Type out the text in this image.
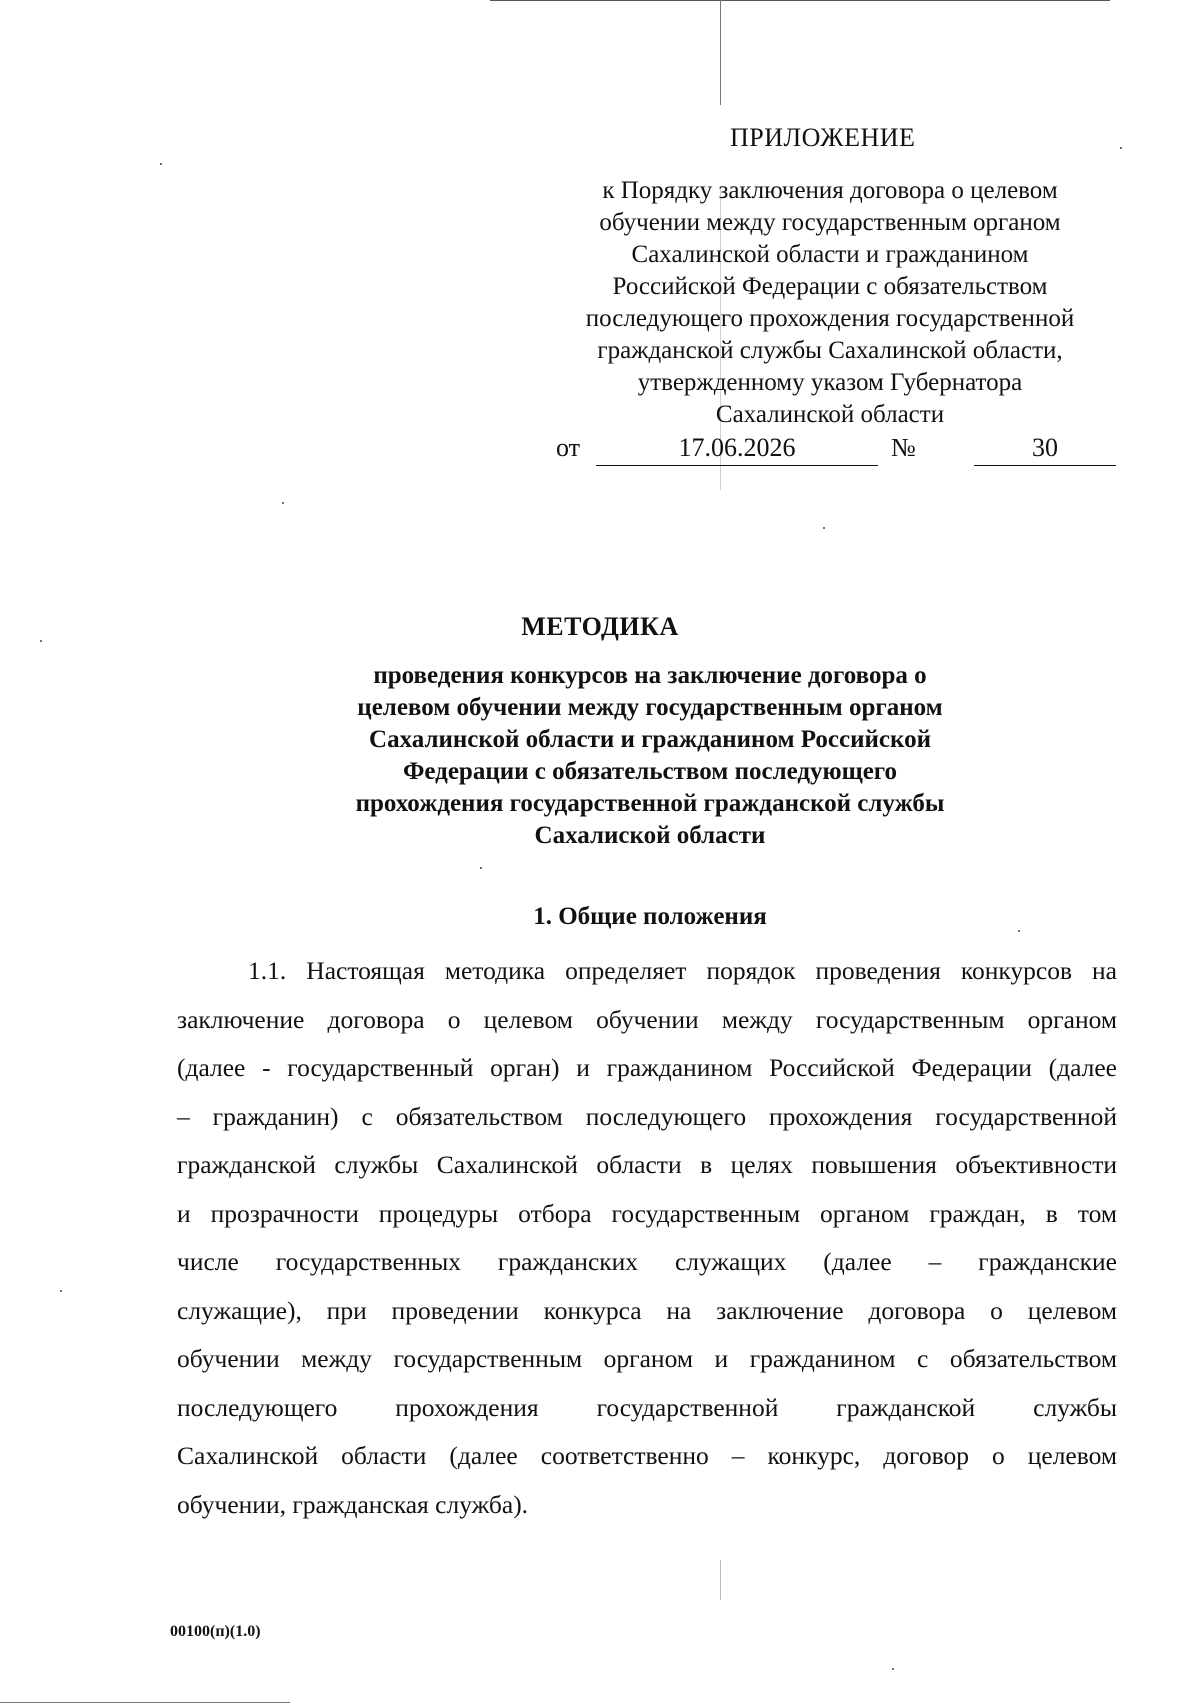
ПРИЛОЖЕНИЕ
к Порядку заключения договора о целевом
обучении между государственным органом
Сахалинской области и гражданином
Российской Федерации с обязательством
последующего прохождения государственной
гражданской службы Сахалинской области,
утвержденному указом Губернатора
Сахалинской области
от	17.06.2026	№	30
МЕТОДИКА
проведения конкурсов на заключение договора о
целевом обучении между государственным органом
Сахалинской области и гражданином Российской
Федерации с обязательством последующего
прохождения государственной гражданской службы
Сахалиской области
1. Общие положения
1.1. Настоящая методика определяет порядок проведения конкурсов на
заключение договора о целевом обучении между государственным органом
(далее - государственный орган) и гражданином Российской Федерации (далее
– гражданин) с обязательством последующего прохождения государственной
гражданской службы Сахалинской области в целях повышения объективности
и прозрачности процедуры отбора государственным органом граждан, в том
числе государственных гражданских служащих (далее – гражданские
служащие), при проведении конкурса на заключение договора о целевом
обучении между государственным органом и гражданином с обязательством
последующего прохождения государственной гражданской службы
Сахалинской области (далее соответственно – конкурс, договор о целевом
обучении, гражданская служба).
00100(п)(1.0)
